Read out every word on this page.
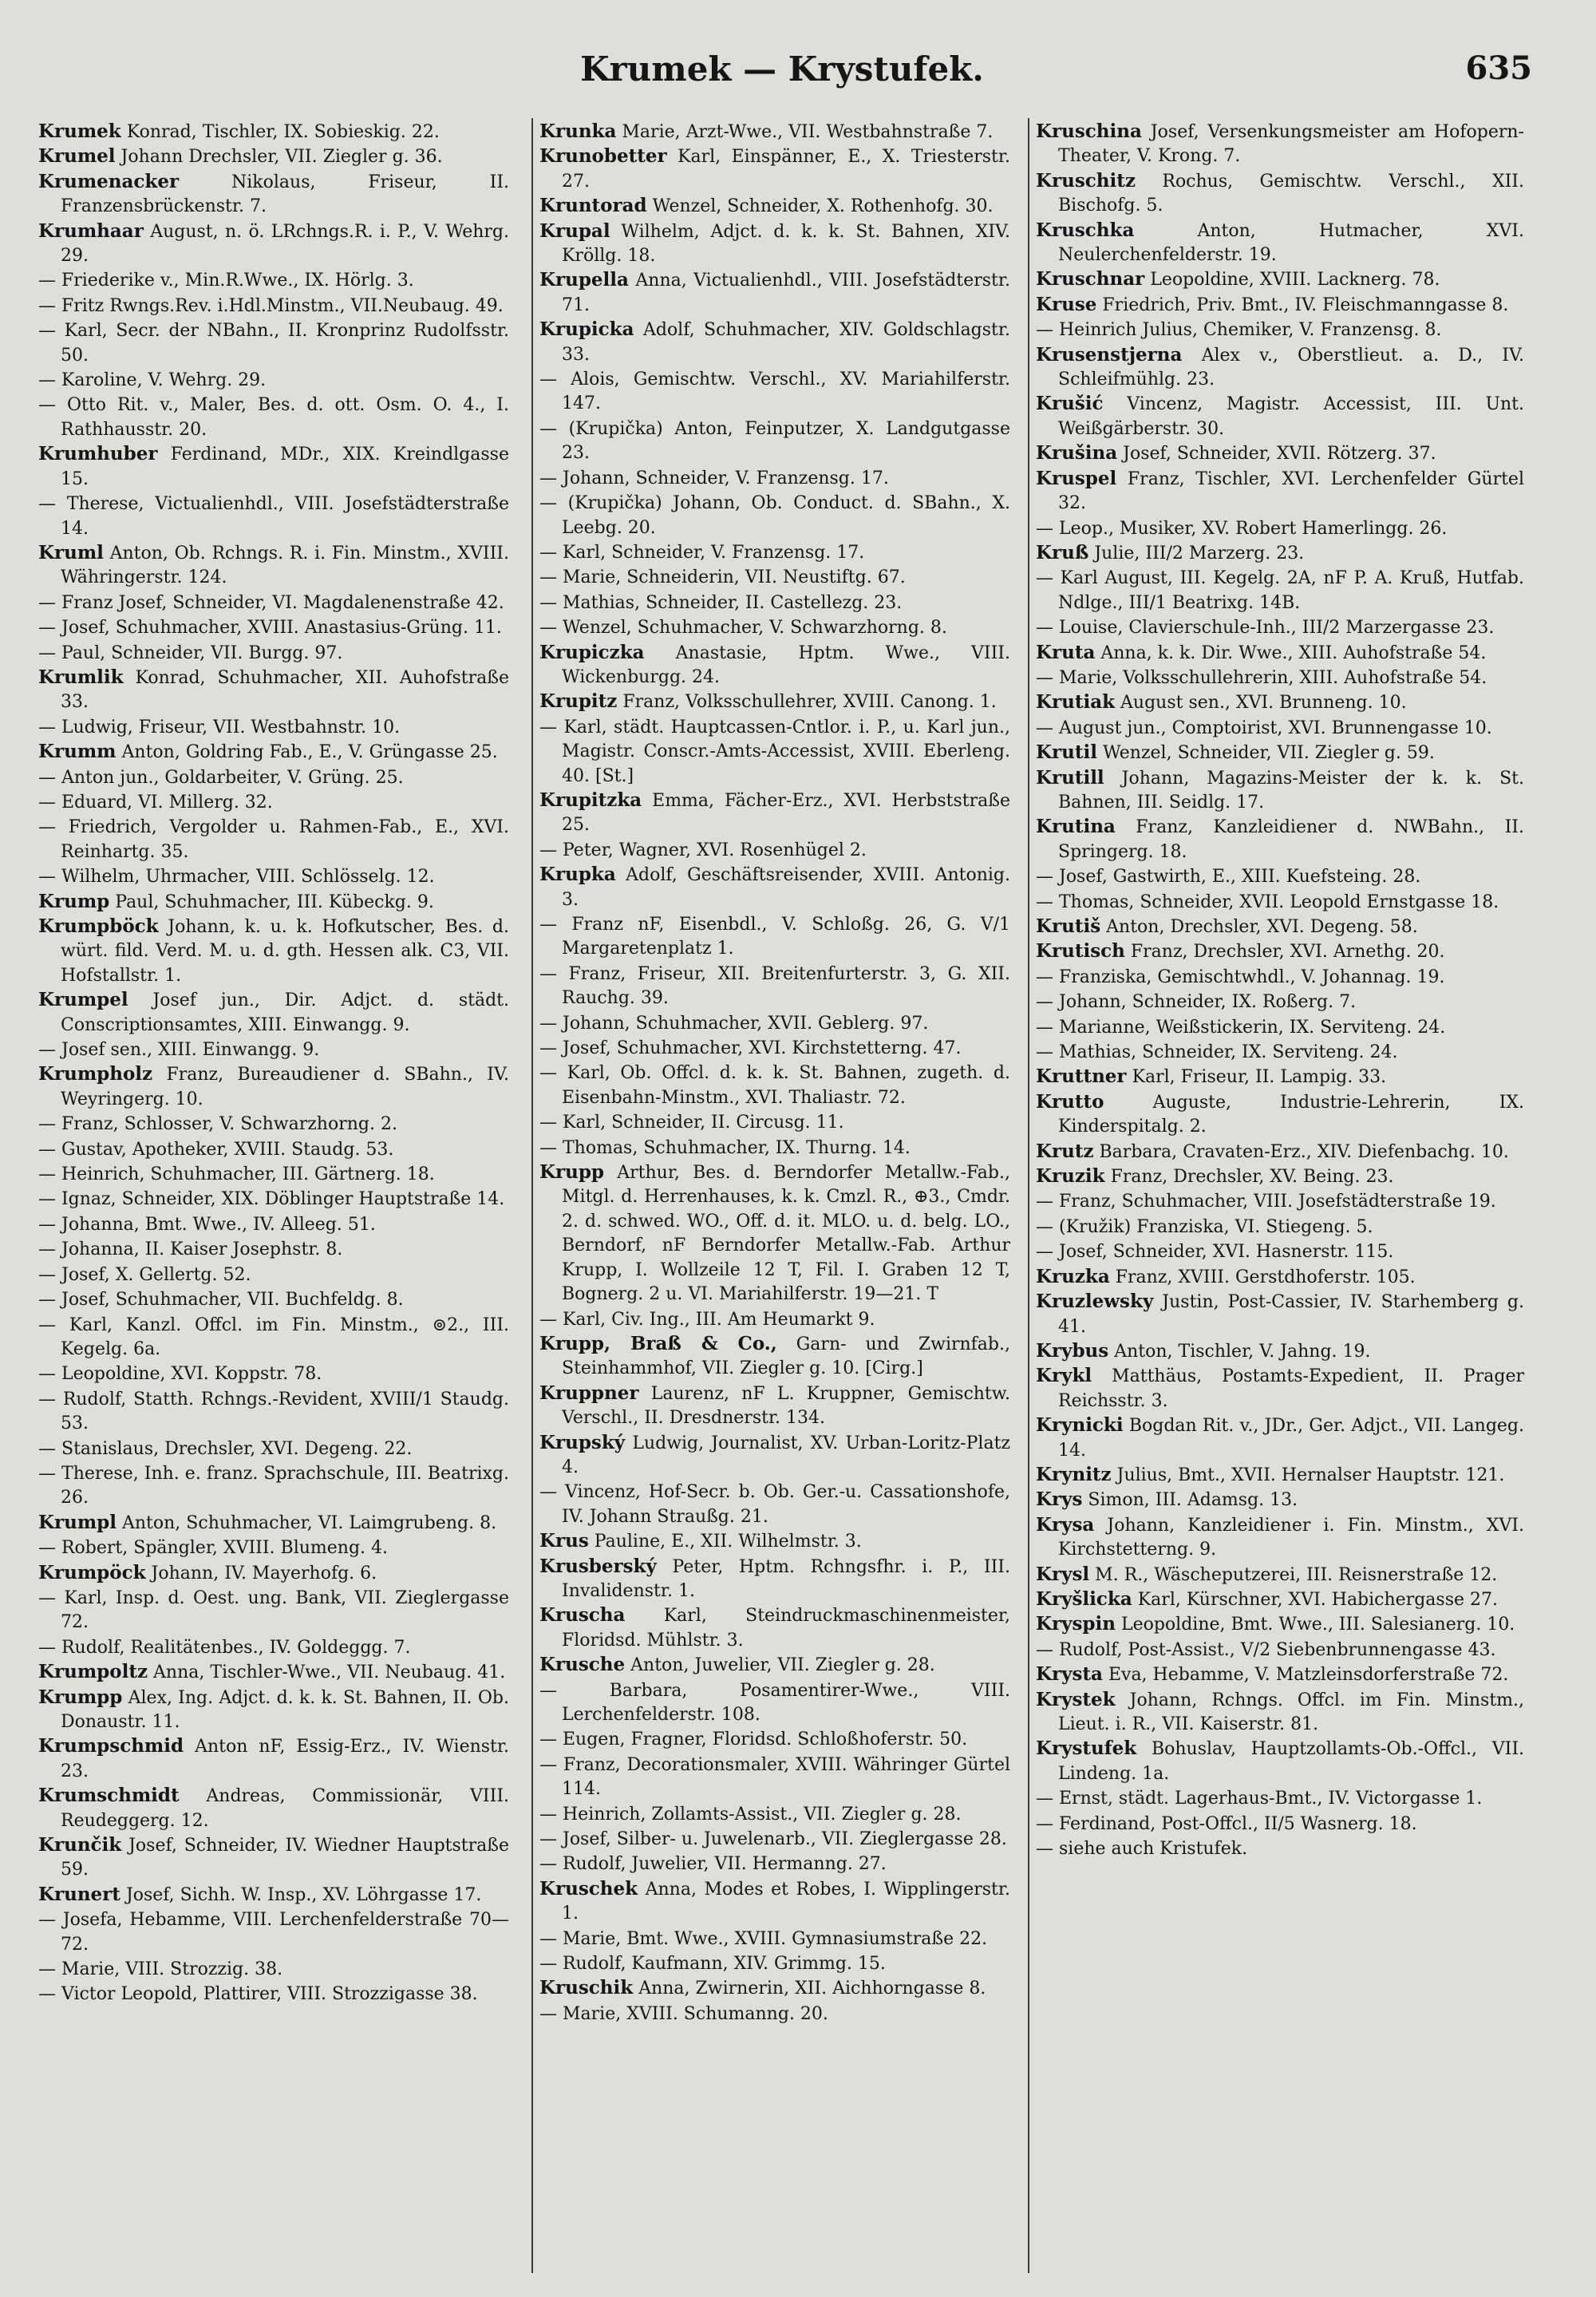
Krumek — Krystufek.	635

Krumek Konrad, Tischler, IX. Sobieskig. 22.

Krumel Johann Drechsler, VII. Ziegler g. 36.

Krumenacker	Nikolaus, Friseur, II. Franzensbrückenstr. 7.

Krumhaar August, n. ö. LRchngs.R. i. P., V. Wehrg. 29.

— Friederike v., Min.R.Wwe., IX. Hörlg. 3.

— Fritz Rwngs.Rev. i.Hdl.Minstm., VII.Neubaug. 49.

— Karl, Secr. der NBahn., II. Kronprinz Rudolfsstr. 50.

— Karoline, V. Wehrg. 29.

— Otto Rit. v., Maler, Bes. d. ott. Osm. O. 4., I. Rathhausstr. 20.

Krumhuber Ferdinand, MDr., XIX. Kreindlgasse 15.

— Therese, Victualienhdl., VIII. Josefstädterstraße 14.

Kruml Anton, Ob. Rchngs. R. i. Fin. Minstm., XVIII. Währingerstr. 124.

— Franz Josef, Schneider, VI. Magdalenenstraße 42.

— Josef, Schuhmacher, XVIII. Anastasius-Grüng. 11.

— Paul, Schneider, VII. Burgg. 97.

Krumlik Konrad, Schuhmacher, XII. Auhofstraße 33.

— Ludwig, Friseur, VII. Westbahnstr. 10.

Krumm Anton, Goldring Fab., E., V. Grüngasse 25.

— Anton jun., Goldarbeiter, V. Grüng. 25.

— Eduard, VI. Millerg. 32.

— Friedrich, Vergolder u. Rahmen-Fab., E., XVI. Reinhartg. 35.

— Wilhelm, Uhrmacher, VIII. Schlösselg. 12.

Krump Paul, Schuhmacher, III. Kübeckg. 9.

Krumpböck Johann, k. u. k. Hofkutscher, Bes. d. würt. fild. Verd. M. u. d. gth. Hessen alk. C3, VII. Hofstallstr. 1.

Krumpel Josef jun., Dir. Adjct. d. städt. Conscriptionsamtes, XIII. Einwangg. 9.

— Josef sen., XIII. Einwangg. 9.

Krumpholz Franz, Bureaudiener d. SBahn., IV. Weyringerg. 10.

— Franz, Schlosser, V. Schwarzhorng. 2.

— Gustav, Apotheker, XVIII. Staudg. 53.

— Heinrich, Schuhmacher, III. Gärtnerg. 18.

— Ignaz, Schneider, XIX. Döblinger Hauptstraße 14.

— Johanna, Bmt. Wwe., IV. Alleeg. 51.

— Johanna, II. Kaiser Josephstr. 8.

— Josef, X. Gellertg. 52.

— Josef, Schuhmacher, VII. Buchfeldg. 8.

— Karl, Kanzl. Offcl. im Fin. Minstm., ⊚2., III. Kegelg. 6a.

— Leopoldine, XVI. Koppstr. 78.

— Rudolf, Statth. Rchngs.-Revident, XVIII/1 Staudg. 53.

— Stanislaus, Drechsler, XVI. Degeng. 22.

— Therese, Inh. e. franz. Sprachschule, III. Beatrixg. 26.

Krumpl Anton, Schuhmacher, VI. Laimgrubeng. 8.

— Robert, Spängler, XVIII. Blumeng. 4.

Krumpöck Johann, IV. Mayerhofg. 6.

— Karl, Insp. d. Oest. ung. Bank, VII. Zieglergasse 72.

— Rudolf, Realitätenbes., IV. Goldeggg. 7.

Krumpoltz Anna, Tischler-Wwe., VII. Neubaug. 41.

Krumpp Alex, Ing. Adjct. d. k. k. St. Bahnen, II. Ob. Donaustr. 11.

Krumpschmid Anton nF, Essig-Erz., IV. Wienstr. 23.

Krumschmidt Andreas, Commissionär, VIII. Reudeggerg. 12.

Krunčik Josef, Schneider, IV. Wiedner Hauptstraße 59.

Krunert Josef, Sichh. W. Insp., XV. Löhrgasse 17.

— Josefa, Hebamme, VIII. Lerchenfelderstraße 70—72.

— Marie, VIII. Strozzig. 38.

— Victor Leopold, Plattirer, VIII. Strozzigasse 38.

Krunka Marie, Arzt-Wwe., VII. Westbahnstraße 7.

Krunobetter Karl, Einspänner, E., X. Triesterstr. 27.

Kruntorad Wenzel, Schneider, X. Rothenhofg. 30.

Krupal Wilhelm, Adjct. d. k. k. St. Bahnen, XIV. Kröllg. 18.

Krupella Anna, Victualienhdl., VIII. Josefstädterstr. 71.

Krupicka Adolf, Schuhmacher, XIV. Goldschlagstr. 33.

— Alois, Gemischtw. Verschl., XV. Mariahilferstr. 147.

— (Krupička) Anton, Feinputzer, X. Landgutgasse 23.

— Johann, Schneider, V. Franzensg. 17.

— (Krupička) Johann, Ob. Conduct. d. SBahn., X. Leebg. 20.

— Karl, Schneider, V. Franzensg. 17.

— Marie, Schneiderin, VII. Neustiftg. 67.

— Mathias, Schneider, II. Castellezg. 23.

— Wenzel, Schuhmacher, V. Schwarzhorng. 8.

Krupiczka Anastasie, Hptm. Wwe., VIII. Wickenburgg. 24.

Krupitz Franz, Volksschullehrer, XVIII. Canong. 1.

— Karl, städt. Hauptcassen-Cntlor. i. P., u. Karl jun., Magistr. Conscr.-Amts-Accessist, XVIII. Eberleng. 40. [St.]

Krupitzka Emma, Fächer-Erz., XVI. Herbststraße 25.

— Peter, Wagner, XVI. Rosenhügel 2.

Krupka Adolf, Geschäftsreisender, XVIII. Antonig. 3.

— Franz nF, Eisenbdl., V. Schloßg. 26, G. V/1 Margaretenplatz 1.

— Franz, Friseur, XII. Breitenfurterstr. 3, G. XII. Rauchg. 39.

— Johann, Schuhmacher, XVII. Geblerg. 97.

— Josef, Schuhmacher, XVI. Kirchstetterng. 47.

— Karl, Ob. Offcl. d. k. k. St. Bahnen, zugeth. d. Eisenbahn-Minstm., XVI. Thaliastr. 72.

— Karl, Schneider, II. Circusg. 11.

— Thomas, Schuhmacher, IX. Thurng. 14.

Krupp Arthur, Bes. d. Berndorfer Metallw.-Fab., Mitgl. d. Herrenhauses, k. k. Cmzl. R., ⊕3., Cmdr. 2. d. schwed. WO., Off. d. it. MLO. u. d. belg. LO., Berndorf, nF Berndorfer Metallw.-Fab. Arthur Krupp, I. Wollzeile 12 T, Fil. I. Graben 12 T, Bognerg. 2 u. VI. Mariahilferstr. 19—21. T

— Karl, Civ. Ing., III. Am Heumarkt 9.

Krupp, Braß & Co., Garn- und Zwirnfab., Steinhammhof, VII. Ziegler g. 10. [Cirg.]

Kruppner Laurenz, nF L. Kruppner, Gemischtw. Verschl., II. Dresdnerstr. 134.

Krupský Ludwig, Journalist, XV. Urban-Loritz-Platz 4.

— Vincenz, Hof-Secr. b. Ob. Ger.-u. Cassationshofe, IV. Johann Straußg. 21.

Krus Pauline, E., XII. Wilhelmstr. 3.

Krusberský Peter, Hptm. Rchngsfhr. i. P., III. Invalidenstr. 1.

Kruscha Karl, Steindruckmaschinenmeister, Floridsd. Mühlstr. 3.

Krusche Anton, Juwelier, VII. Ziegler g. 28.

— Barbara, Posamentirer-Wwe., VIII. Lerchenfelderstr. 108.

— Eugen, Fragner, Floridsd. Schloßhoferstr. 50.

— Franz, Decorationsmaler, XVIII. Währinger Gürtel 114.

— Heinrich, Zollamts-Assist., VII. Ziegler g. 28.

— Josef, Silber- u. Juwelenarb., VII. Zieglergasse 28.

— Rudolf, Juwelier, VII. Hermanng. 27.

Kruschek Anna, Modes et Robes, I. Wipplingerstr. 1.

— Marie, Bmt. Wwe., XVIII. Gymnasiumstraße 22.

— Rudolf, Kaufmann, XIV. Grimmg. 15.

Kruschik Anna, Zwirnerin, XII. Aichhorngasse 8.

— Marie, XVIII. Schumanng. 20.

Kruschina Josef, Versenkungsmeister am Hofopern-Theater, V. Krong. 7.

Kruschitz Rochus, Gemischtw. Verschl., XII. Bischofg. 5.

Kruschka	Anton, Hutmacher, XVI. Neulerchenfelderstr. 19.

Kruschnar Leopoldine, XVIII. Lacknerg. 78.

Kruse Friedrich, Priv. Bmt., IV. Fleischmanngasse 8.

— Heinrich Julius, Chemiker, V. Franzensg. 8.

Krusenstjerna Alex v., Oberstlieut. a. D., IV. Schleifmühlg. 23.

Krušić Vincenz, Magistr. Accessist, III. Unt. Weißgärberstr. 30.

Krušina Josef, Schneider, XVII. Rötzerg. 37.

Kruspel Franz, Tischler, XVI. Lerchenfelder Gürtel 32.

— Leop., Musiker, XV. Robert Hamerlingg. 26.

Kruß Julie, III/2 Marzerg. 23.

— Karl August, III. Kegelg. 2A, nF P. A. Kruß, Hutfab. Ndlge., III/1 Beatrixg. 14B.

— Louise, Clavierschule-Inh., III/2 Marzergasse 23.

Kruta Anna, k. k. Dir. Wwe., XIII. Auhofstraße 54.

— Marie, Volksschullehrerin, XIII. Auhofstraße 54.

Krutiak August sen., XVI. Brunneng. 10.

— August jun., Comptoirist, XVI. Brunnengasse 10.

Krutil Wenzel, Schneider, VII. Ziegler g. 59.

Krutill Johann, Magazins-Meister der k. k. St. Bahnen, III. Seidlg. 17.

Krutina Franz, Kanzleidiener d. NWBahn., II. Springerg. 18.

— Josef, Gastwirth, E., XIII. Kuefsteing. 28.

— Thomas, Schneider, XVII. Leopold Ernstgasse 18.

Krutiš Anton, Drechsler, XVI. Degeng. 58.

Krutisch Franz, Drechsler, XVI. Arnethg. 20.

— Franziska, Gemischtwhdl., V. Johannag. 19.

— Johann, Schneider, IX. Roßerg. 7.

— Marianne, Weißstickerin, IX. Serviteng. 24.

— Mathias, Schneider, IX. Serviteng. 24.

Kruttner Karl, Friseur, II. Lampig. 33.

Krutto	Auguste, Industrie-Lehrerin, IX. Kinderspitalg. 2.

Krutz Barbara, Cravaten-Erz., XIV. Diefenbachg. 10.

Kruzik Franz, Drechsler, XV. Being. 23.

— Franz, Schuhmacher, VIII. Josefstädterstraße 19.

— (Kružik) Franziska, VI. Stiegeng. 5.

— Josef, Schneider, XVI. Hasnerstr. 115.

Kruzka Franz, XVIII. Gerstdhoferstr. 105.

Kruzlewsky Justin, Post-Cassier, IV. Starhemberg g. 41.

Krybus Anton, Tischler, V. Jahng. 19.

Krykl Matthäus, Postamts-Expedient, II. Prager Reichsstr. 3.

Krynicki Bogdan Rit. v., JDr., Ger. Adjct., VII. Langeg. 14.

Krynitz Julius, Bmt., XVII. Hernalser Hauptstr. 121.

Krys Simon, III. Adamsg. 13.

Krysa Johann, Kanzleidiener i. Fin. Minstm., XVI. Kirchstetterng. 9.

Krysl M. R., Wäscheputzerei, III. Reisnerstraße 12.

Kryšlicka Karl, Kürschner, XVI. Habichergasse 27.

Kryspin Leopoldine, Bmt. Wwe., III. Salesianerg. 10.

— Rudolf, Post-Assist., V/2 Siebenbrunnengasse 43.

Krysta Eva, Hebamme, V. Matzleinsdorferstraße 72.

Krystek Johann, Rchngs. Offcl. im Fin. Minstm., Lieut. i. R., VII. Kaiserstr. 81.

Krystufek Bohuslav, Hauptzollamts-Ob.-Offcl., VII. Lindeng. 1a.

— Ernst, städt. Lagerhaus-Bmt., IV. Victorgasse 1.

— Ferdinand, Post-Offcl., II/5 Wasnerg. 18.

— siehe auch Kristufek.
